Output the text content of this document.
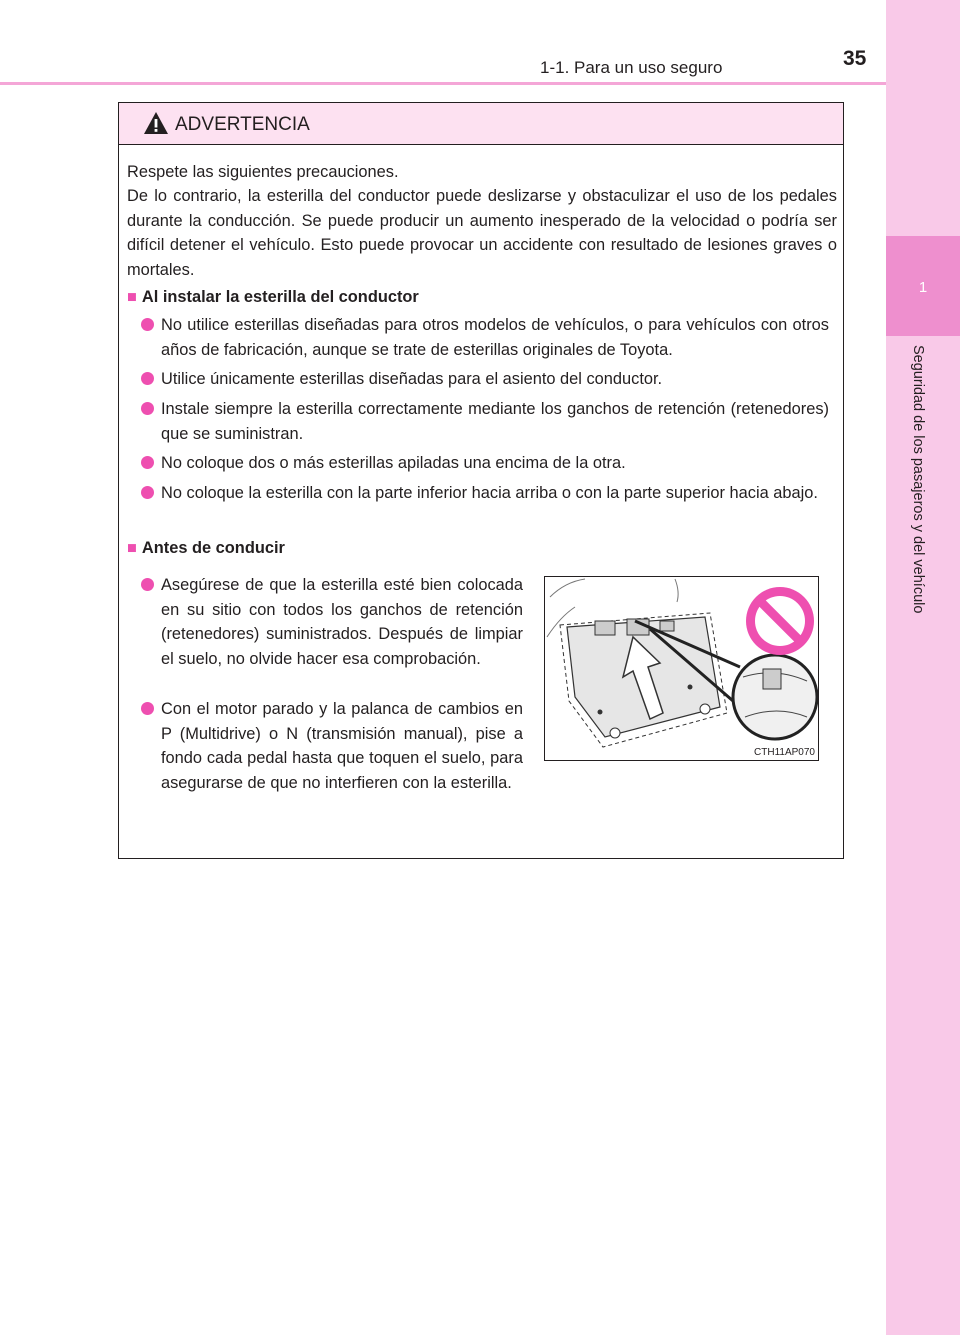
1-1. Para un uso seguro	35
1
Seguridad de los pasajeros y del vehículo
ADVERTENCIA
Respete las siguientes precauciones.
De lo contrario, la esterilla del conductor puede deslizarse y obstaculizar el uso de los pedales durante la conducción. Se puede producir un aumento inesperado de la velocidad o podría ser difícil detener el vehículo. Esto puede provocar un accidente con resultado de lesiones graves o mortales.
■ Al instalar la esterilla del conductor
No utilice esterillas diseñadas para otros modelos de vehículos, o para vehículos con otros años de fabricación, aunque se trate de esterillas originales de Toyota.
Utilice únicamente esterillas diseñadas para el asiento del conductor.
Instale siempre la esterilla correctamente mediante los ganchos de retención (retenedores) que se suministran.
No coloque dos o más esterillas apiladas una encima de la otra.
No coloque la esterilla con la parte inferior hacia arriba o con la parte superior hacia abajo.
■ Antes de conducir
Asegúrese de que la esterilla esté bien colocada en su sitio con todos los ganchos de retención (retenedores) suministrados. Después de limpiar el suelo, no olvide hacer esa comprobación.
Con el motor parado y la palanca de cambios en P (Multidrive) o N (transmisión manual), pise a fondo cada pedal hasta que toquen el suelo, para asegurarse de que no interfieren con la esterilla.
CTH11AP070
